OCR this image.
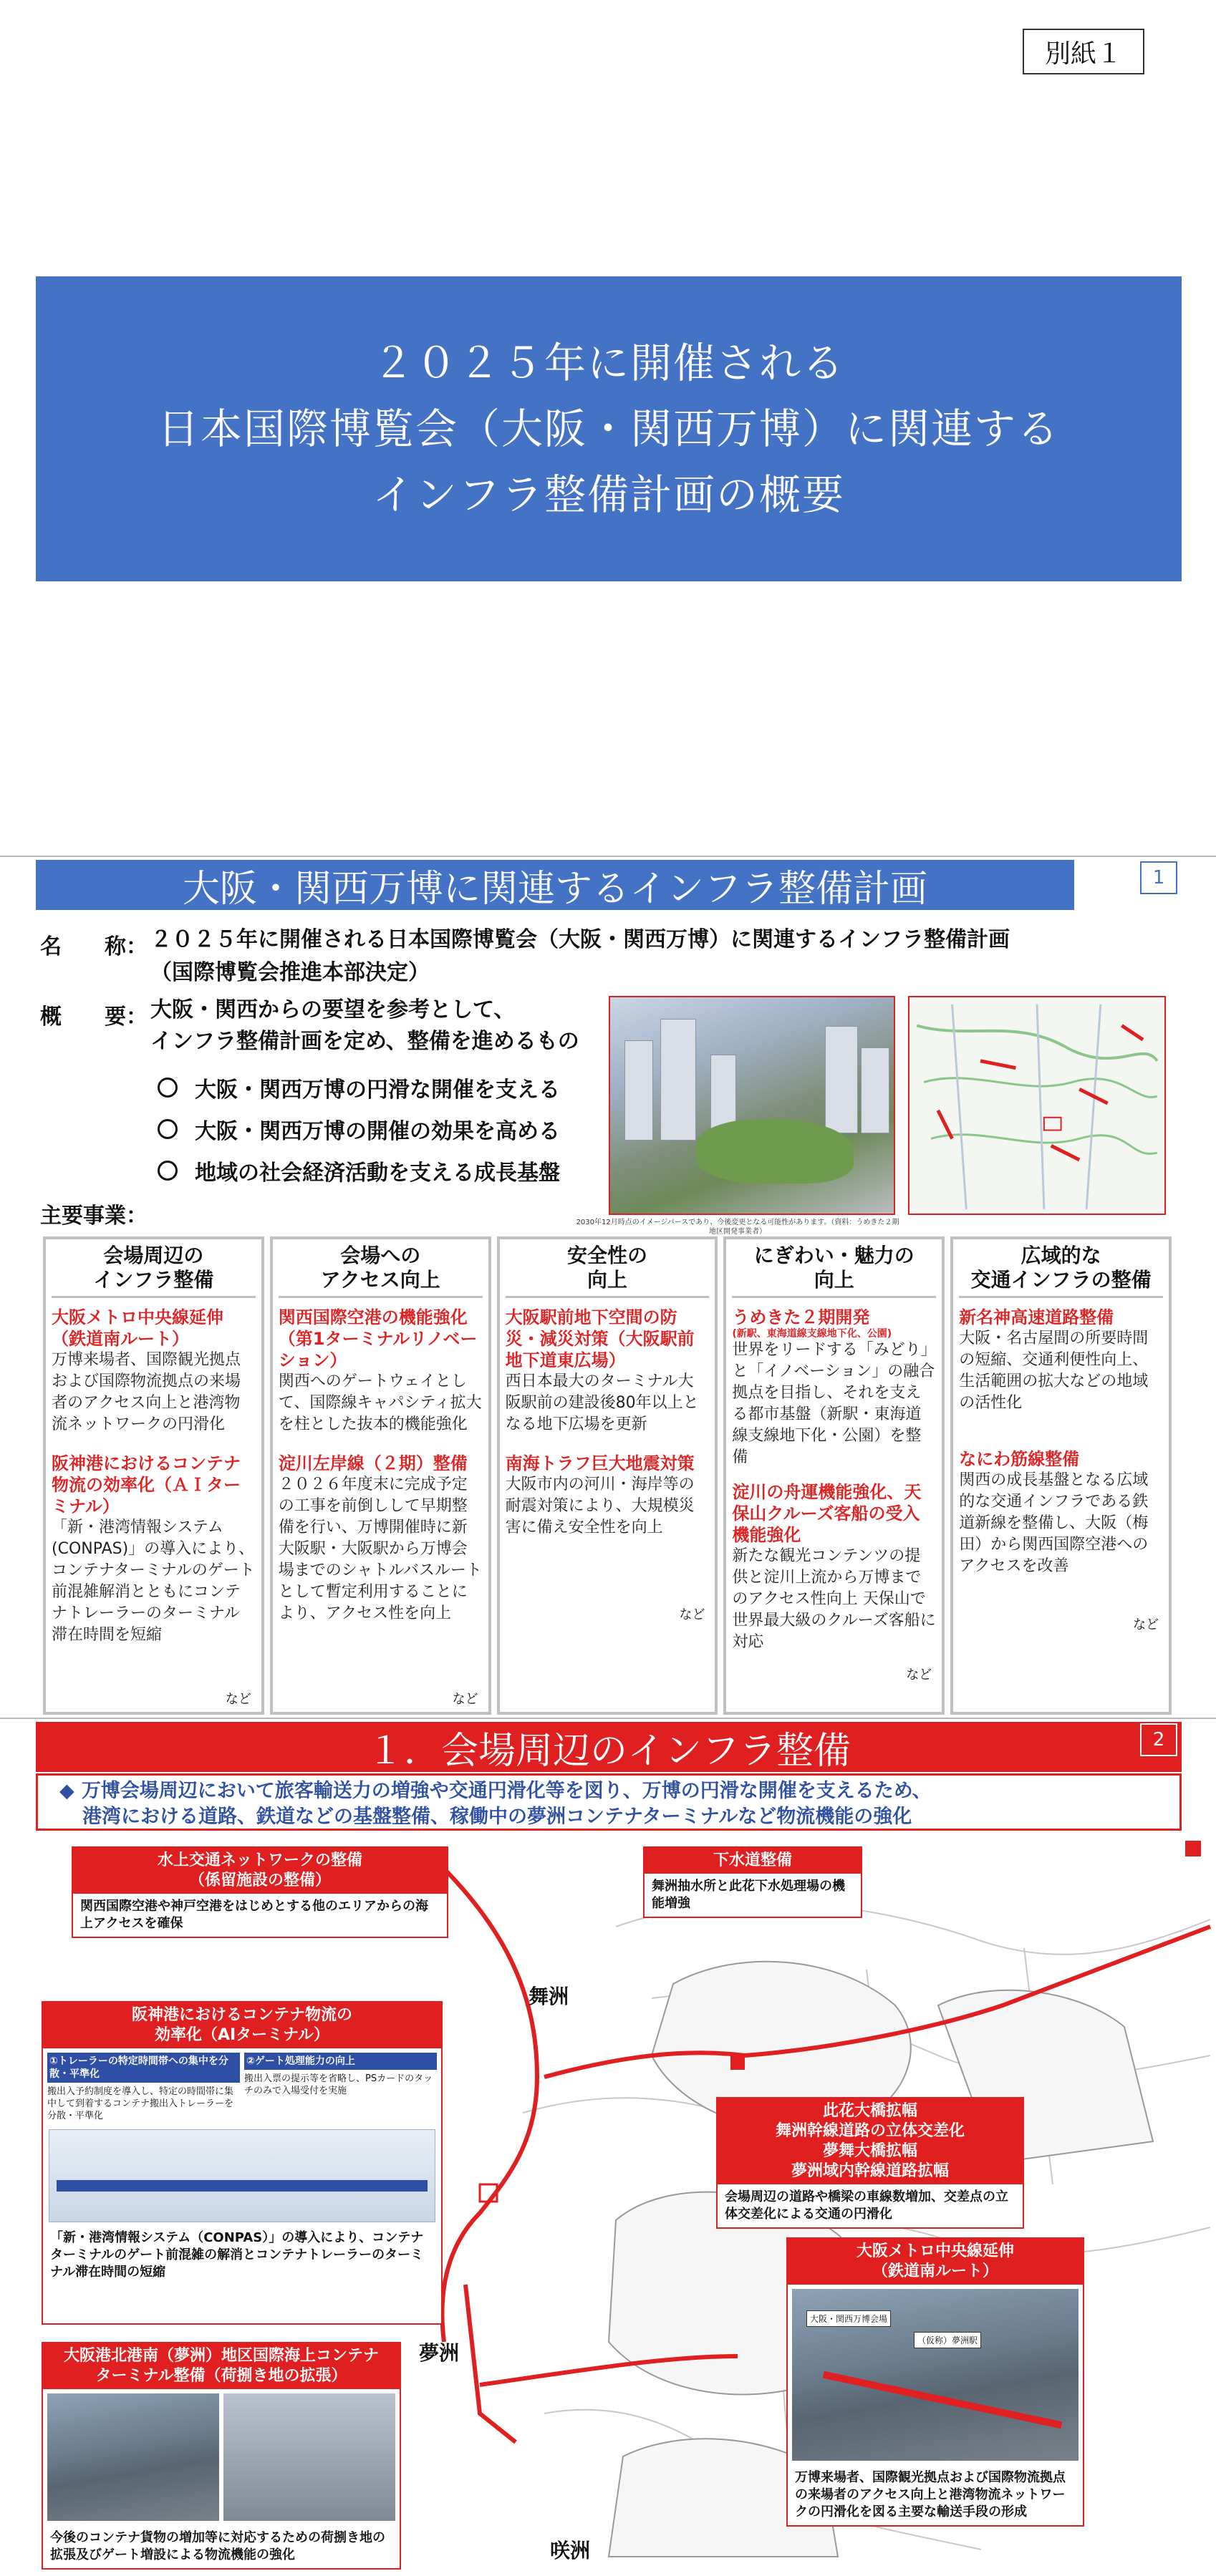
別紙１
２０２５年に開催される
日本国際博覧会（大阪・関西万博）に関連する
インフラ整備計画の概要
大阪・関西万博に関連するインフラ整備計画	1
名　　称： ２０２５年に開催される日本国際博覧会（大阪・関西万博）に関連するインフラ整備計画
（国際博覧会推進本部決定）
概　　要： 大阪・関西からの要望を参考として、
インフラ整備計画を定め、整備を進めるもの
大阪・関西万博の円滑な開催を支える
大阪・関西万博の開催の効果を高める
地域の社会経済活動を支える成長基盤
主要事業：	2030年12月時点のイメージパースであり、今後変更となる可能性があります。（資料：うめきた２期地区開発事業者）
会場周辺の
インフラ整備
大阪メトロ中央線延伸（鉄道南ルート）
万博来場者、国際観光拠点および国際物流拠点の来場者のアクセス向上と港湾物流ネットワークの円滑化
阪神港におけるコンテナ物流の効率化（ＡＩターミナル）
「新・港湾情報システム(CONPAS)」の導入により、コンテナターミナルのゲート前混雑解消とともにコンテナトレーラーのターミナル滞在時間を短縮
など
会場への
アクセス向上
関西国際空港の機能強化（第1ターミナルリノベーション）
関西へのゲートウェイとして、国際線キャパシティ拡大を柱とした抜本的機能強化
淀川左岸線（２期）整備
２０２６年度末に完成予定の工事を前倒しして早期整備を行い、万博開催時に新大阪駅・大阪駅から万博会場までのシャトルバスルートとして暫定利用することにより、アクセス性を向上
など
安全性の
向上
大阪駅前地下空間の防災・減災対策（大阪駅前地下道東広場）
西日本最大のターミナル大阪駅前の建設後80年以上となる地下広場を更新
南海トラフ巨大地震対策
大阪市内の河川・海岸等の耐震対策により、大規模災害に備え安全性を向上
など
にぎわい・魅力の
向上
うめきた２期開発
(新駅、東海道線支線地下化、公園)
世界をリードする「みどり」と「イノベーション」の融合拠点を目指し、それを支える都市基盤（新駅・東海道線支線地下化・公園）を整備
淀川の舟運機能強化、天保山クルーズ客船の受入機能強化
新たな観光コンテンツの提供と淀川上流から万博までのアクセス性向上 天保山で世界最大級のクルーズ客船に対応
など
広域的な
交通インフラの整備
新名神高速道路整備
大阪・名古屋間の所要時間の短縮、交通利便性向上、生活範囲の拡大などの地域の活性化
なにわ筋線整備
関西の成長基盤となる広域的な交通インフラである鉄道新線を整備し、大阪（梅田）から関西国際空港へのアクセスを改善
など
１．会場周辺のインフラ整備	2
◆ 万博会場周辺において旅客輸送力の増強や交通円滑化等を図り、万博の円滑な開催を支えるため、
港湾における道路、鉄道などの基盤整備、稼働中の夢洲コンテナターミナルなど物流機能の強化
舞洲
夢洲
咲洲
水上交通ネットワークの整備
（係留施設の整備）
関西国際空港や神戸空港をはじめとする他のエリアからの海上アクセスを確保
下水道整備
舞洲抽水所と此花下水処理場の機能増強
阪神港におけるコンテナ物流の
効率化（AIターミナル）
①トレーラーの特定時間帯への集中を分散・平準化
搬出入予約制度を導入し、特定の時間帯に集中して到着するコンテナ搬出入トレーラーを分散・平準化
②ゲート処理能力の向上
搬出入票の提示等を省略し、PSカードのタッチのみで入場受付を実施
「新・港湾情報システム（CONPAS）」の導入により、コンテナターミナルのゲート前混雑の解消とコンテナトレーラーのターミナル滞在時間の短縮
此花大橋拡幅
舞洲幹線道路の立体交差化
夢舞大橋拡幅
夢洲域内幹線道路拡幅
会場周辺の道路や橋梁の車線数増加、交差点の立体交差化による交通の円滑化
大阪メトロ中央線延伸
（鉄道南ルート）
大阪・関西万博会場
（仮称）夢洲駅
万博来場者、国際観光拠点および国際物流拠点の来場者のアクセス向上と港湾物流ネットワークの円滑化を図る主要な輸送手段の形成
大阪港北港南（夢洲）地区国際海上コンテナ
ターミナル整備（荷捌き地の拡張）
今後のコンテナ貨物の増加等に対応するための荷捌き地の拡張及びゲート増設による物流機能の強化
